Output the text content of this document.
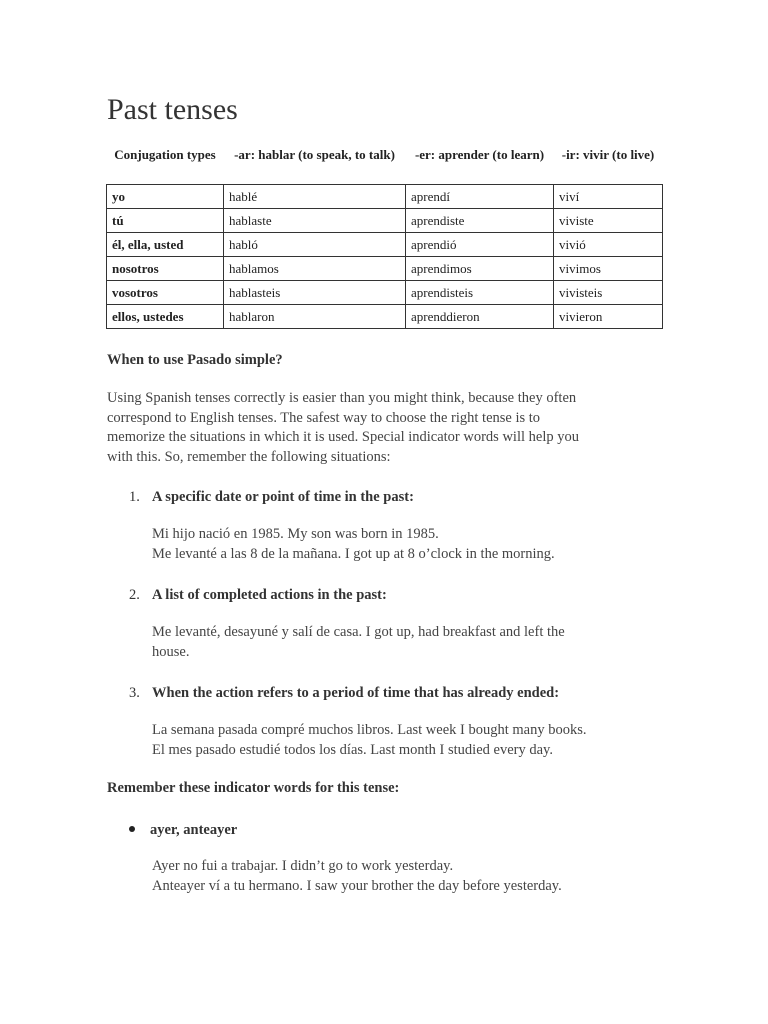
Past tenses
Conjugation types	-ar: hablar (to speak, to talk)	-er: aprender (to learn)	-ir: vivir (to live)
yo	hablé	aprendí	viví
tú	hablaste	aprendiste	viviste
él, ella, usted	habló	aprendió	vivió
nosotros	hablamos	aprendimos	vivimos
vosotros	hablasteis	aprendisteis	vivisteis
ellos, ustedes	hablaron	aprenddieron	vivieron

When to use Pasado simple?

Using Spanish tenses correctly is easier than you might think, because they often
correspond to English tenses. The safest way to choose the right tense is to
memorize the situations in which it is used. Special indicator words will help you
with this. So, remember the following situations:

1. A specific date or point of time in the past:

Mi hijo nació en 1985. My son was born in 1985.
Me levanté a las 8 de la mañana. I got up at 8 o’clock in the morning.

2. A list of completed actions in the past:

Me levanté, desayuné y salí de casa. I got up, had breakfast and left the
house.

3. When the action refers to a period of time that has already ended:

La semana pasada compré muchos libros. Last week I bought many books.
El mes pasado estudié todos los días. Last month I studied every day.

Remember these indicator words for this tense:

ayer, anteayer

Ayer no fui a trabajar. I didn’t go to work yesterday.
Anteayer ví a tu hermano. I saw your brother the day before yesterday.
